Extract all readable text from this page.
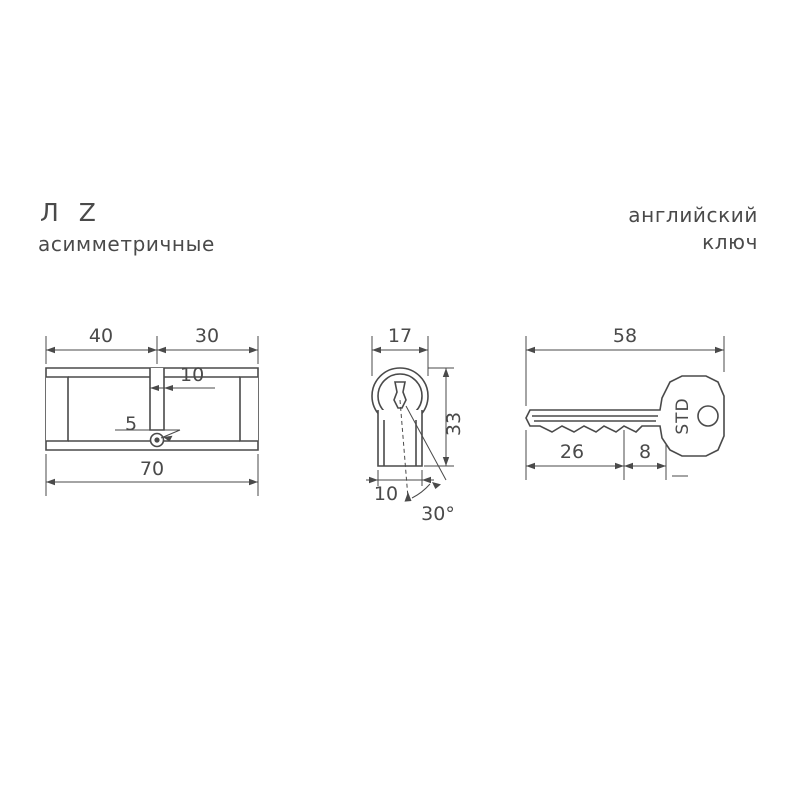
Л Z
асимметричные
английский
ключ
40	30
10
5
70
17
33
10
30°
STD
58
26	8
